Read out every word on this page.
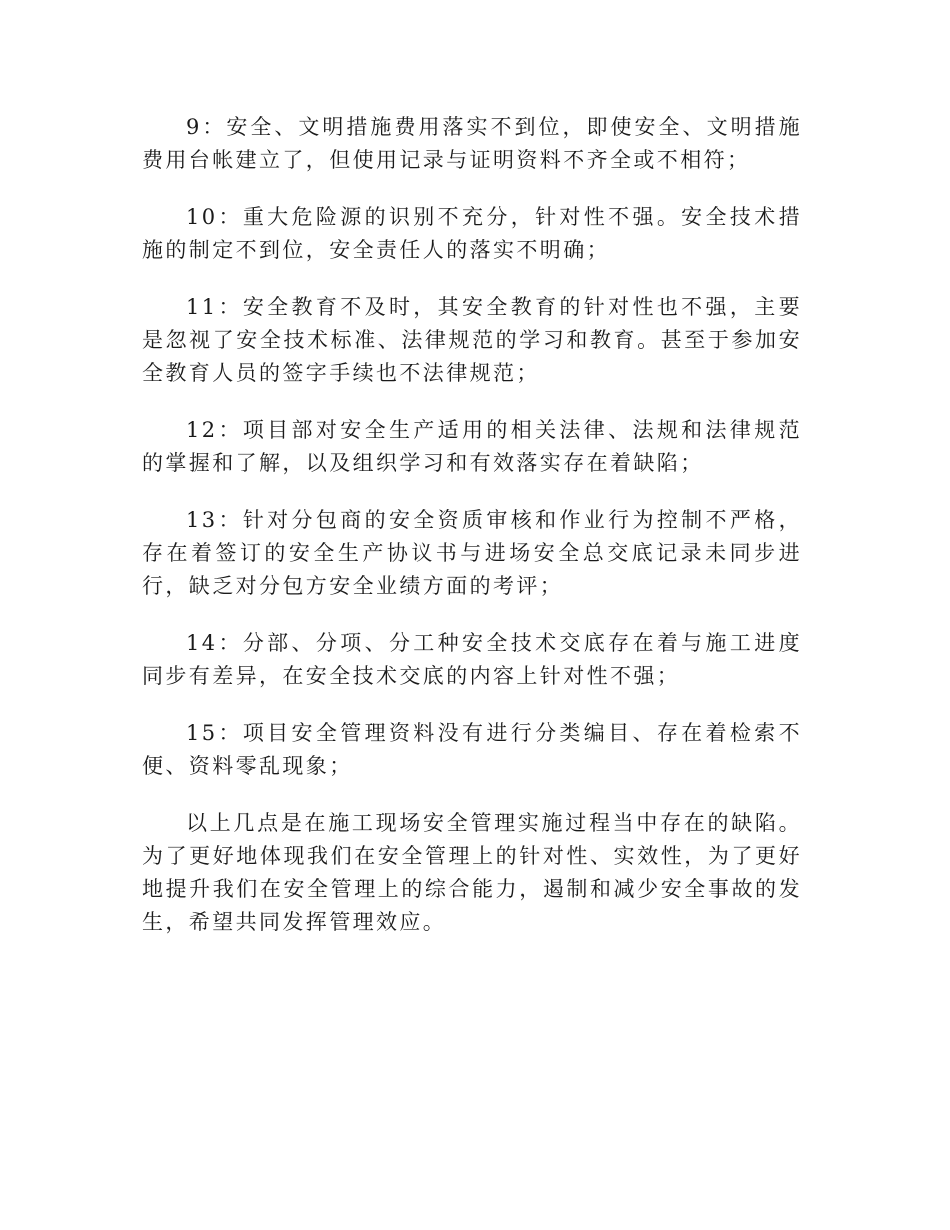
9：安全、文明措施费用落实不到位，即使安全、文明措施费用台帐建立了，但使用记录与证明资料不齐全或不相符；

10：重大危险源的识别不充分，针对性不强。安全技术措施的制定不到位，安全责任人的落实不明确；

11：安全教育不及时，其安全教育的针对性也不强，主要是忽视了安全技术标准、法律规范的学习和教育。甚至于参加安全教育人员的签字手续也不法律规范；

12：项目部对安全生产适用的相关法律、法规和法律规范的掌握和了解，以及组织学习和有效落实存在着缺陷；

13：针对分包商的安全资质审核和作业行为控制不严格，存在着签订的安全生产协议书与进场安全总交底记录未同步进行，缺乏对分包方安全业绩方面的考评；

14：分部、分项、分工种安全技术交底存在着与施工进度同步有差异，在安全技术交底的内容上针对性不强；

15：项目安全管理资料没有进行分类编目、存在着检索不便、资料零乱现象；

以上几点是在施工现场安全管理实施过程当中存在的缺陷。为了更好地体现我们在安全管理上的针对性、实效性，为了更好地提升我们在安全管理上的综合能力，遏制和减少安全事故的发生，希望共同发挥管理效应。
